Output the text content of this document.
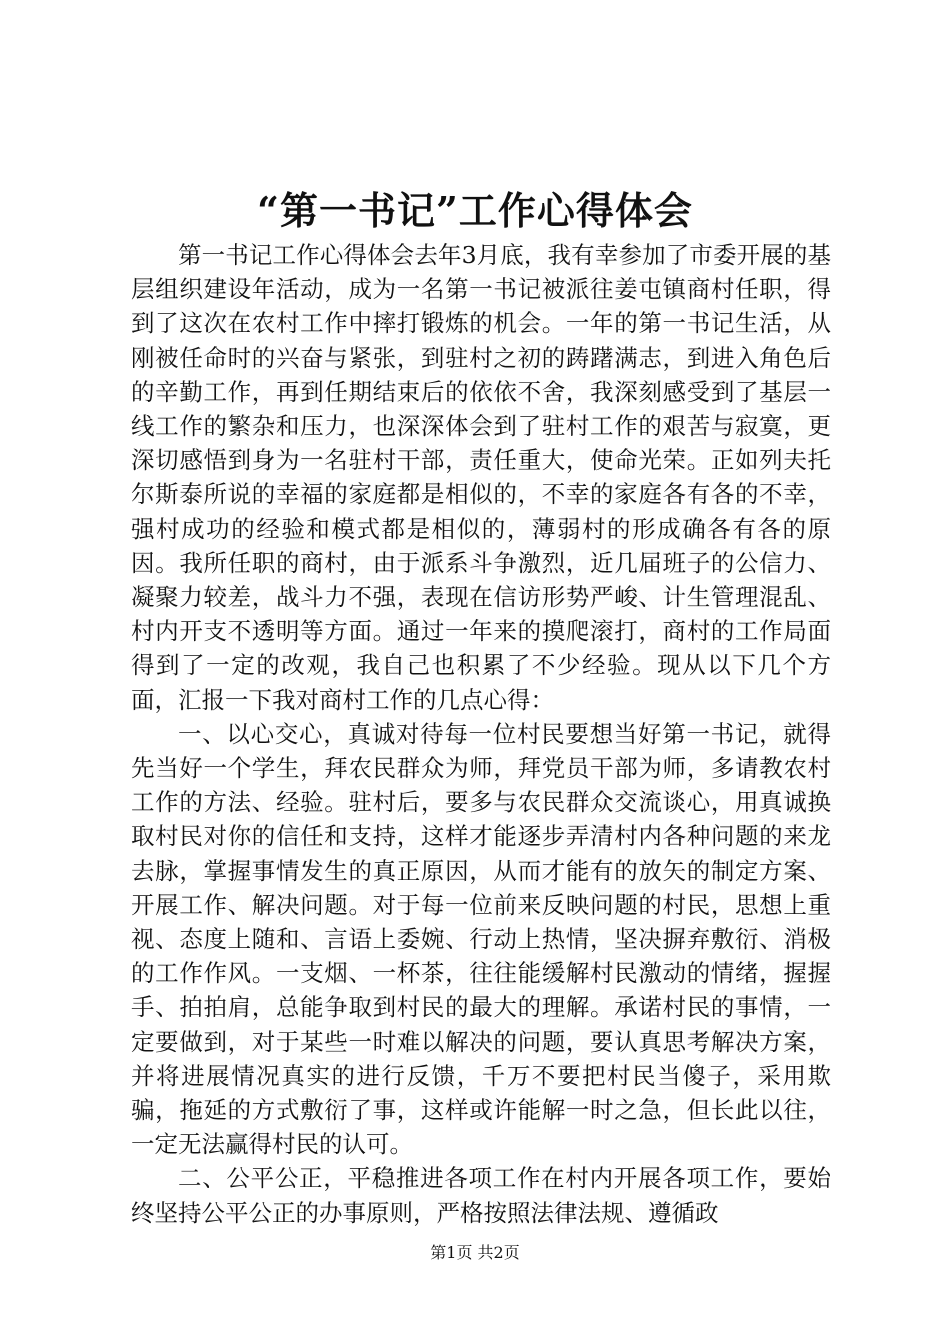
“第一书记”工作心得体会

第一书记工作心得体会去年3月底，我有幸参加了市委开展的基层组织建设年活动，成为一名第一书记被派往姜屯镇商村任职，得到了这次在农村工作中摔打锻炼的机会。一年的第一书记生活，从刚被任命时的兴奋与紧张，到驻村之初的踌躇满志，到进入角色后的辛勤工作，再到任期结束后的依依不舍，我深刻感受到了基层一线工作的繁杂和压力，也深深体会到了驻村工作的艰苦与寂寞，更深切感悟到身为一名驻村干部，责任重大，使命光荣。正如列夫托尔斯泰所说的幸福的家庭都是相似的，不幸的家庭各有各的不幸，强村成功的经验和模式都是相似的，薄弱村的形成确各有各的原因。我所任职的商村，由于派系斗争激烈，近几届班子的公信力、凝聚力较差，战斗力不强，表现在信访形势严峻、计生管理混乱、村内开支不透明等方面。通过一年来的摸爬滚打，商村的工作局面得到了一定的改观，我自己也积累了不少经验。现从以下几个方面，汇报一下我对商村工作的几点心得：

一、以心交心，真诚对待每一位村民要想当好第一书记，就得先当好一个学生，拜农民群众为师，拜党员干部为师，多请教农村工作的方法、经验。驻村后，要多与农民群众交流谈心，用真诚换取村民对你的信任和支持，这样才能逐步弄清村内各种问题的来龙去脉，掌握事情发生的真正原因，从而才能有的放矢的制定方案、开展工作、解决问题。对于每一位前来反映问题的村民，思想上重视、态度上随和、言语上委婉、行动上热情，坚决摒弃敷衍、消极的工作作风。一支烟、一杯茶，往往能缓解村民激动的情绪，握握手、拍拍肩，总能争取到村民的最大的理解。承诺村民的事情，一定要做到，对于某些一时难以解决的问题，要认真思考解决方案，并将进展情况真实的进行反馈，千万不要把村民当傻子，采用欺骗，拖延的方式敷衍了事，这样或许能解一时之急，但长此以往，一定无法赢得村民的认可。

二、公平公正，平稳推进各项工作在村内开展各项工作，要始终坚持公平公正的办事原则，严格按照法律法规、遵循政

第1页 共2页
